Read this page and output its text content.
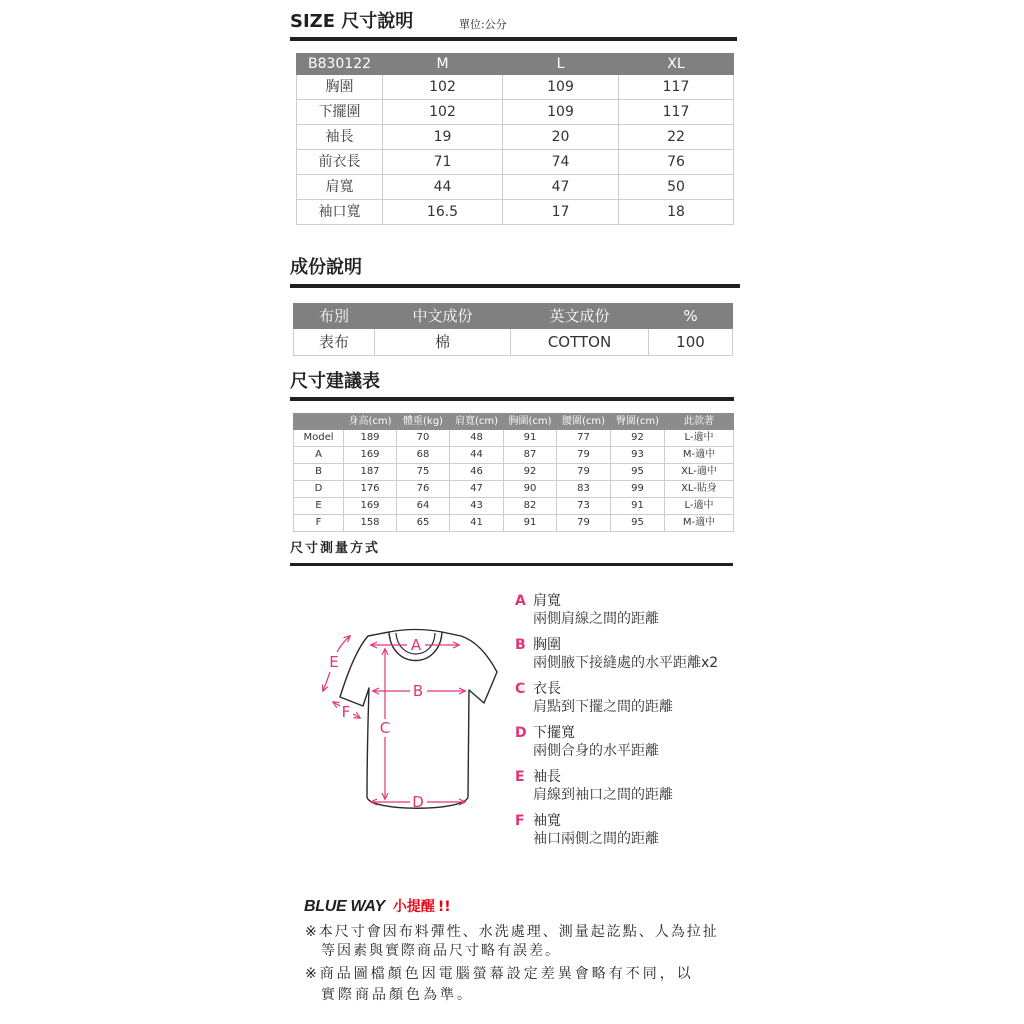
SIZE 尺寸說明	單位:公分
B830122	M	L	XL
胸圍	102	109	117
下擺圍	102	109	117
袖長	19	20	22
前衣長	71	74	76
肩寬	44	47	50
袖口寬	16.5	17	18
成份說明
布別	中文成份	英文成份	%
表布	棉	COTTON	100
尺寸建議表
	身高(cm)	體重(kg)	肩寬(cm)	胸圍(cm)	腰圍(cm)	臀圍(cm)	此款著
Model	189	70	48	91	77	92	L-適中
A	169	68	44	87	79	93	M-適中
B	187	75	46	92	79	95	XL-適中
D	176	76	47	90	83	99	XL-貼身
E	169	64	43	82	73	91	L-適中
F	158	65	41	91	79	95	M-適中
尺寸測量方式
A
B
C
D
E
F
A 肩寬
兩側肩線之間的距離
B 胸圍
兩側腋下接縫處的水平距離x2
C 衣長
肩點到下擺之間的距離
D 下擺寬
兩側合身的水平距離
E 袖長
肩線到袖口之間的距離
F 袖寬
袖口兩側之間的距離
BLUE WAY 小提醒 !!
※本尺寸會因布料彈性、水洗處理、測量起訖點、人為拉扯
等因素與實際商品尺寸略有誤差。
※商品圖檔顏色因電腦螢幕設定差異會略有不同，以
實際商品顏色為準。
